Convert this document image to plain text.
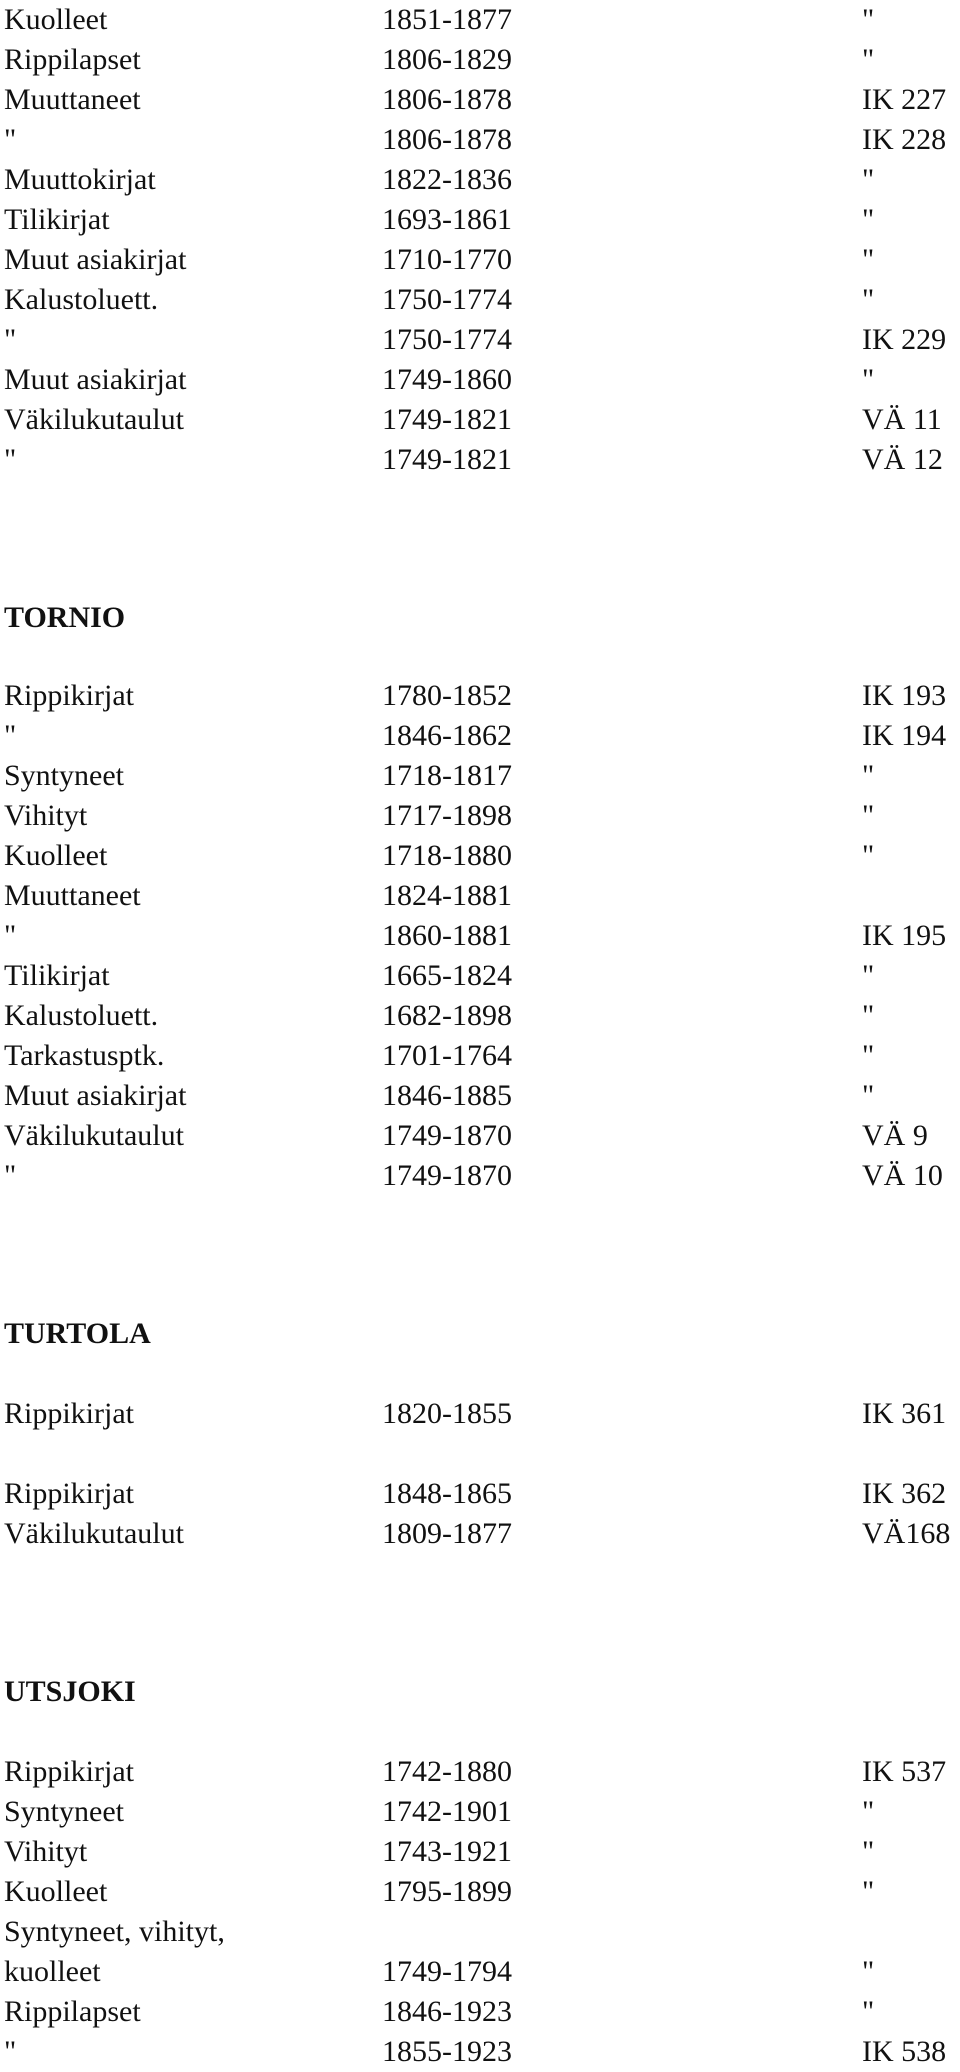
Kuolleet	1851-1877	"
Rippilapset	1806-1829	"
Muuttaneet	1806-1878	IK 227
"	1806-1878	IK 228
Muuttokirjat	1822-1836	"
Tilikirjat	1693-1861	"
Muut asiakirjat	1710-1770	"
Kalustoluett.	1750-1774	"
"	1750-1774	IK 229
Muut asiakirjat	1749-1860	"
Väkilukutaulut	1749-1821	VÄ 11
"	1749-1821	VÄ 12
TORNIO
Rippikirjat	1780-1852	IK 193
"	1846-1862	IK 194
Syntyneet	1718-1817	"
Vihityt	1717-1898	"
Kuolleet	1718-1880	"
Muuttaneet	1824-1881
"	1860-1881	IK 195
Tilikirjat	1665-1824	"
Kalustoluett.	1682-1898	"
Tarkastusptk.	1701-1764	"
Muut asiakirjat	1846-1885	"
Väkilukutaulut	1749-1870	VÄ 9
"	1749-1870	VÄ 10
TURTOLA
Rippikirjat	1820-1855	IK 361
Rippikirjat	1848-1865	IK 362
Väkilukutaulut	1809-1877	VÄ168
UTSJOKI
Rippikirjat	1742-1880	IK 537
Syntyneet	1742-1901	"
Vihityt	1743-1921	"
Kuolleet	1795-1899	"
Syntyneet, vihityt,
kuolleet	1749-1794	"
Rippilapset	1846-1923	"
"	1855-1923	IK 538
